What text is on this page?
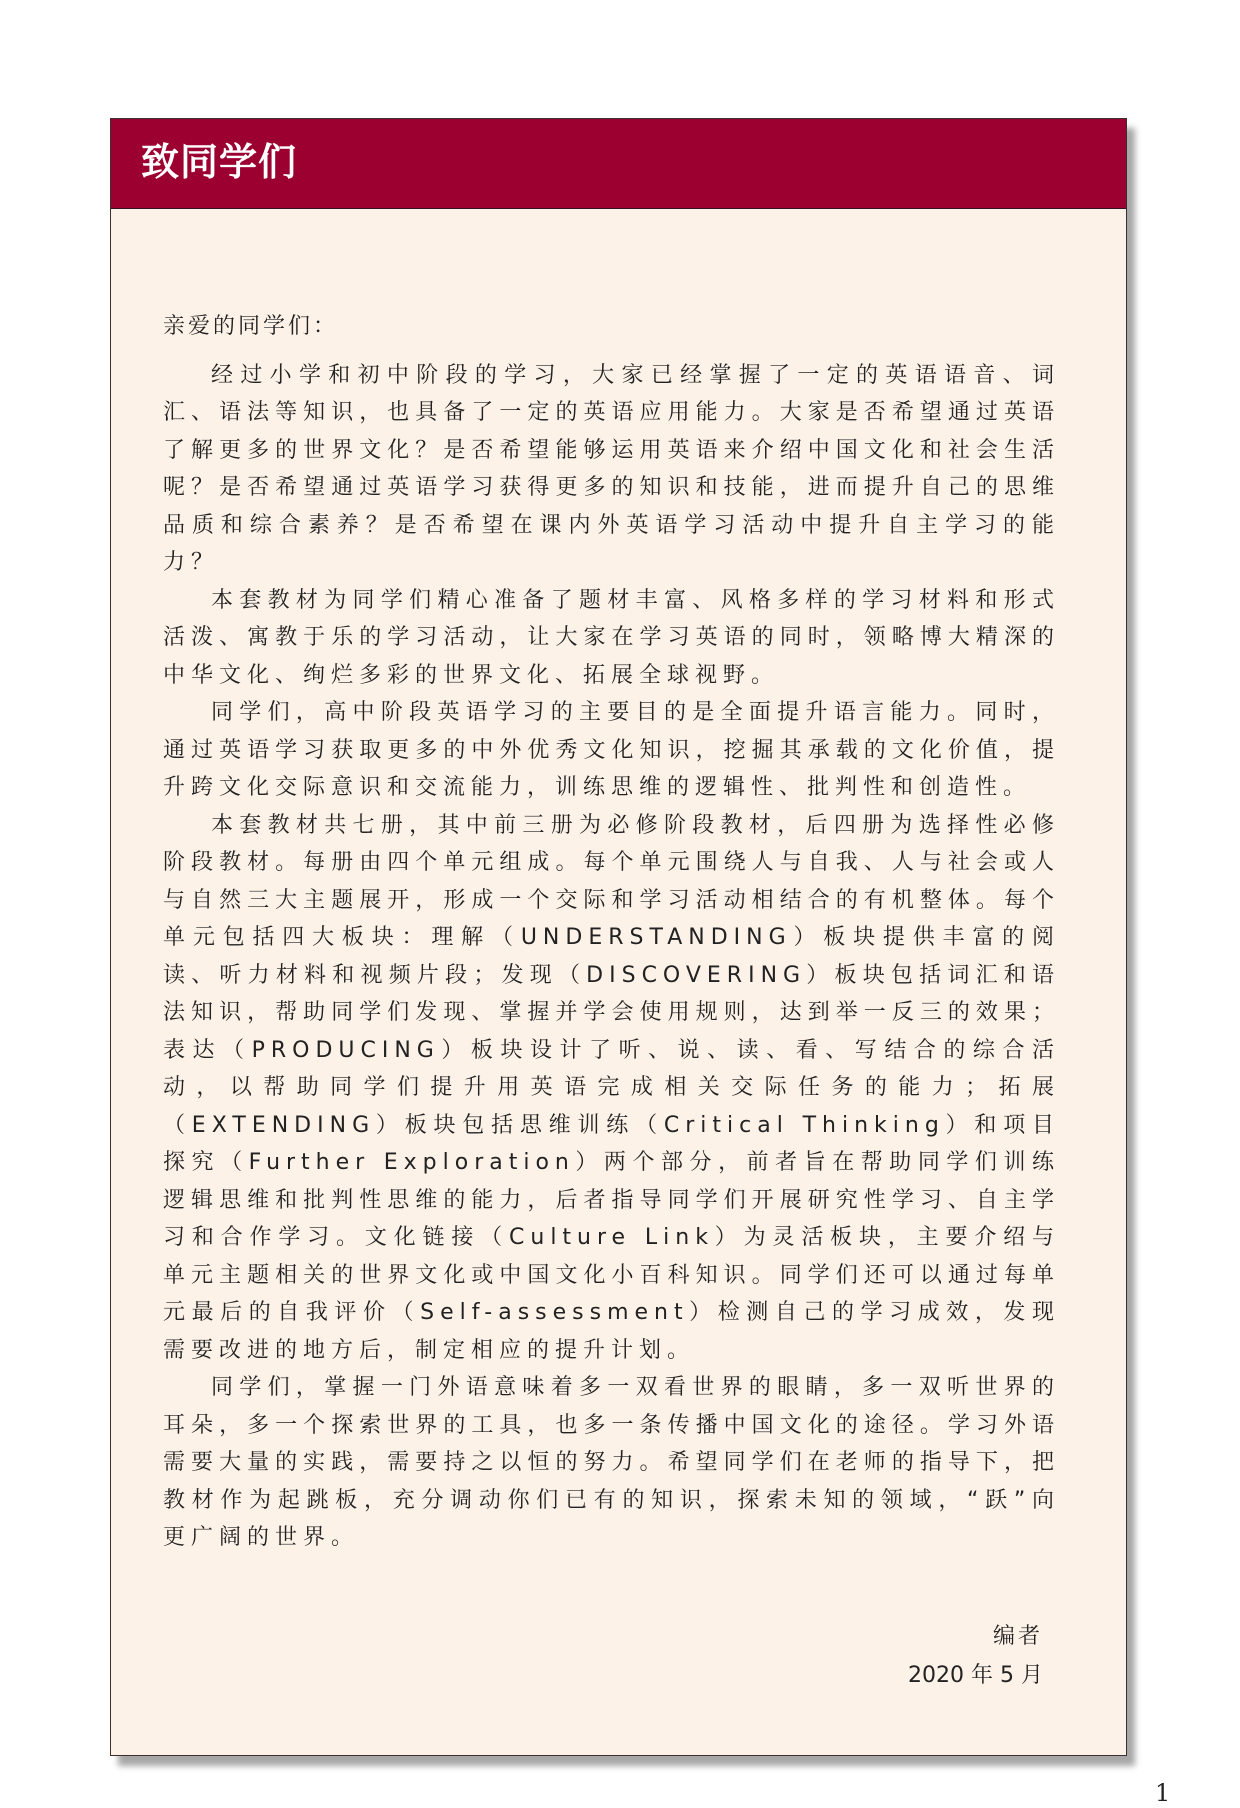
致同学们

亲爱的同学们：

经过小学和初中阶段的学习，大家已经掌握了一定的英语语音、词汇、语法等知识，也具备了一定的英语应用能力。大家是否希望通过英语了解更多的世界文化？是否希望能够运用英语来介绍中国文化和社会生活呢？是否希望通过英语学习获得更多的知识和技能，进而提升自己的思维品质和综合素养？是否希望在课内外英语学习活动中提升自主学习的能力？

本套教材为同学们精心准备了题材丰富、风格多样的学习材料和形式活泼、寓教于乐的学习活动，让大家在学习英语的同时，领略博大精深的中华文化、绚烂多彩的世界文化、拓展全球视野。

同学们，高中阶段英语学习的主要目的是全面提升语言能力。同时，通过英语学习获取更多的中外优秀文化知识，挖掘其承载的文化价值，提升跨文化交际意识和交流能力，训练思维的逻辑性、批判性和创造性。

本套教材共七册，其中前三册为必修阶段教材，后四册为选择性必修阶段教材。每册由四个单元组成。每个单元围绕人与自我、人与社会或人与自然三大主题展开，形成一个交际和学习活动相结合的有机整体。每个单元包括四大板块：理解（UNDERSTANDING）板块提供丰富的阅读、听力材料和视频片段；发现（DISCOVERING）板块包括词汇和语法知识，帮助同学们发现、掌握并学会使用规则，达到举一反三的效果；表达（PRODUCING）板块设计了听、说、读、看、写结合的综合活动，以帮助同学们提升用英语完成相关交际任务的能力；拓展（EXTENDING）板块包括思维训练（Critical Thinking）和项目探究（Further Exploration）两个部分，前者旨在帮助同学们训练逻辑思维和批判性思维的能力，后者指导同学们开展研究性学习、自主学习和合作学习。文化链接（Culture Link）为灵活板块，主要介绍与单元主题相关的世界文化或中国文化小百科知识。同学们还可以通过每单元最后的自我评价（Self-assessment）检测自己的学习成效，发现需要改进的地方后，制定相应的提升计划。

同学们，掌握一门外语意味着多一双看世界的眼睛，多一双听世界的耳朵，多一个探索世界的工具，也多一条传播中国文化的途径。学习外语需要大量的实践，需要持之以恒的努力。希望同学们在老师的指导下，把教材作为起跳板，充分调动你们已有的知识，探索未知的领域，“跃”向更广阔的世界。

编者
2020 年 5 月
1
